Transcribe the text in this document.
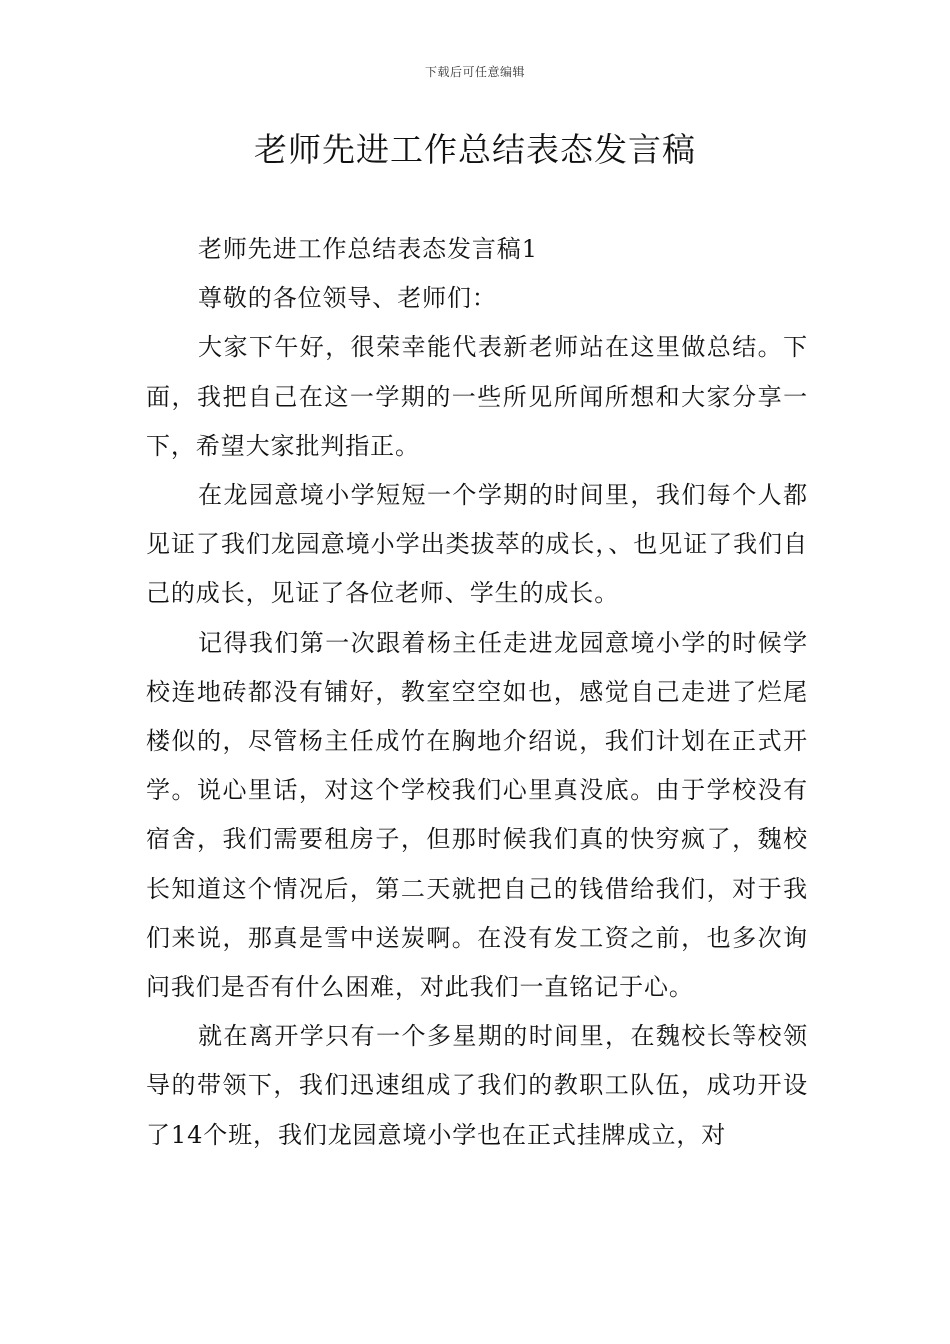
下载后可任意编辑
老师先进工作总结表态发言稿

老师先进工作总结表态发言稿1

尊敬的各位领导、老师们：

大家下午好，很荣幸能代表新老师站在这里做总结。下面，我把自己在这一学期的一些所见所闻所想和大家分享一下，希望大家批判指正。

在龙园意境小学短短一个学期的时间里，我们每个人都见证了我们龙园意境小学出类拔萃的成长，、也见证了我们自己的成长，见证了各位老师、学生的成长。

记得我们第一次跟着杨主任走进龙园意境小学的时候学校连地砖都没有铺好，教室空空如也，感觉自己走进了烂尾楼似的，尽管杨主任成竹在胸地介绍说，我们计划在正式开学。说心里话，对这个学校我们心里真没底。由于学校没有宿舍，我们需要租房子，但那时候我们真的快穷疯了，魏校长知道这个情况后，第二天就把自己的钱借给我们，对于我们来说，那真是雪中送炭啊。在没有发工资之前，也多次询问我们是否有什么困难，对此我们一直铭记于心。

就在离开学只有一个多星期的时间里，在魏校长等校领导的带领下，我们迅速组成了我们的教职工队伍，成功开设了14个班，我们龙园意境小学也在正式挂牌成立，对
